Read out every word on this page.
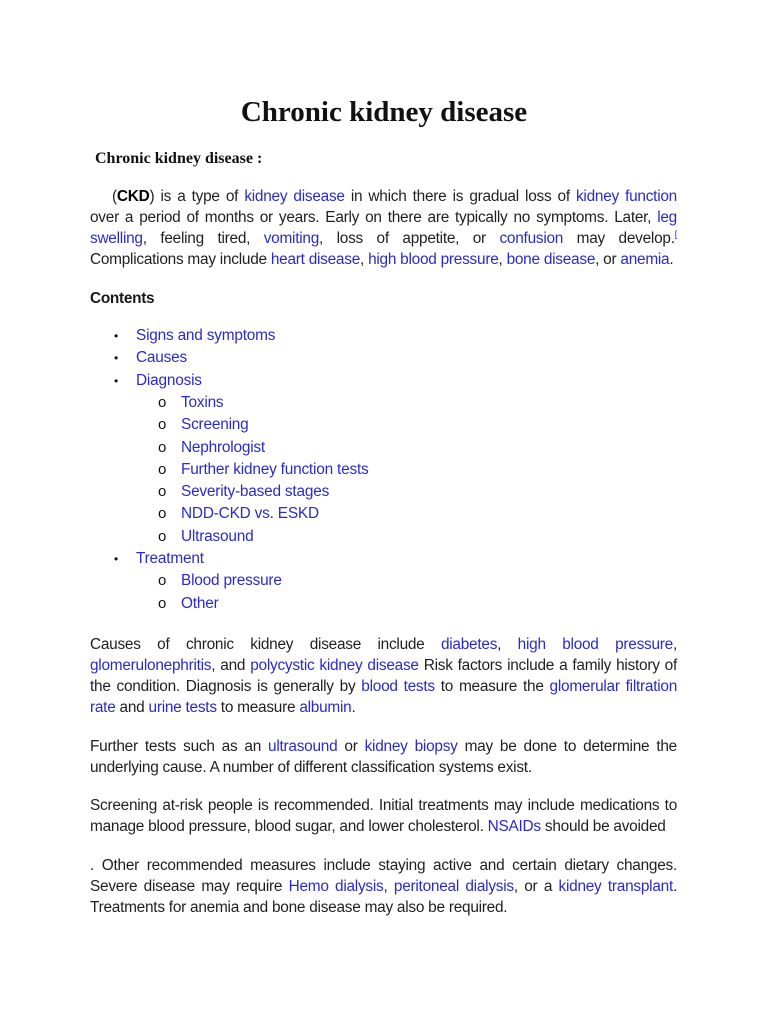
Chronic kidney disease

Chronic kidney disease :

(CKD) is a type of kidney disease in which there is gradual loss of kidney function over a period of months or years. Early on there are typically no symptoms. Later, leg swelling, feeling tired, vomiting, loss of appetite, or confusion may develop.[ Complications may include heart disease, high blood pressure, bone disease, or anemia.

Contents

• Signs and symptoms
• Causes
• Diagnosis
o Toxins
o Screening
o Nephrologist
o Further kidney function tests
o Severity-based stages
o NDD-CKD vs. ESKD
o Ultrasound
• Treatment
o Blood pressure
o Other

Causes of chronic kidney disease include diabetes, high blood pressure, glomerulonephritis, and polycystic kidney disease Risk factors include a family history of the condition. Diagnosis is generally by blood tests to measure the glomerular filtration rate and urine tests to measure albumin.

Further tests such as an ultrasound or kidney biopsy may be done to determine the underlying cause. A number of different classification systems exist.

Screening at-risk people is recommended. Initial treatments may include medications to manage blood pressure, blood sugar, and lower cholesterol. NSAIDs should be avoided

. Other recommended measures include staying active and certain dietary changes. Severe disease may require Hemo dialysis, peritoneal dialysis, or a kidney transplant. Treatments for anemia and bone disease may also be required.
